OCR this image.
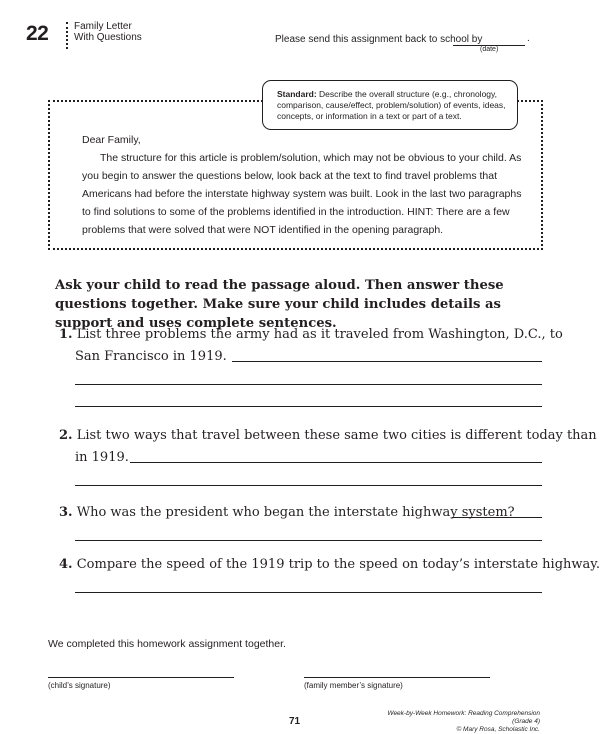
22	Family Letter
With Questions	Please send this assignment back to school by	.
(date)
Standard: Describe the overall structure (e.g., chronology, comparison, cause/effect, problem/solution) of events, ideas, concepts, or information in a text or part of a text.

Dear Family,

The structure for this article is problem/solution, which may not be obvious to your child. As you begin to answer the questions below, look back at the text to find travel problems that Americans had before the interstate highway system was built. Look in the last two paragraphs to find solutions to some of the problems identified in the introduction. HINT: There are a few problems that were solved that were NOT identified in the opening paragraph.

Ask your child to read the passage aloud. Then answer these questions together. Make sure your child includes details as support and uses complete sentences.
1. List three problems the army had as it traveled from Washington, D.C., to
San Francisco in 1919.
2. List two ways that travel between these same two cities is different today than
in 1919.
3. Who was the president who began the interstate highway system?
4. Compare the speed of the 1919 trip to the speed on today’s interstate highway.
We completed this homework assignment together.
(child’s signature)	(family member’s signature)
71
Week-by-Week Homework: Reading Comprehension (Grade 4)
© Mary Rosa, Scholastic Inc.
